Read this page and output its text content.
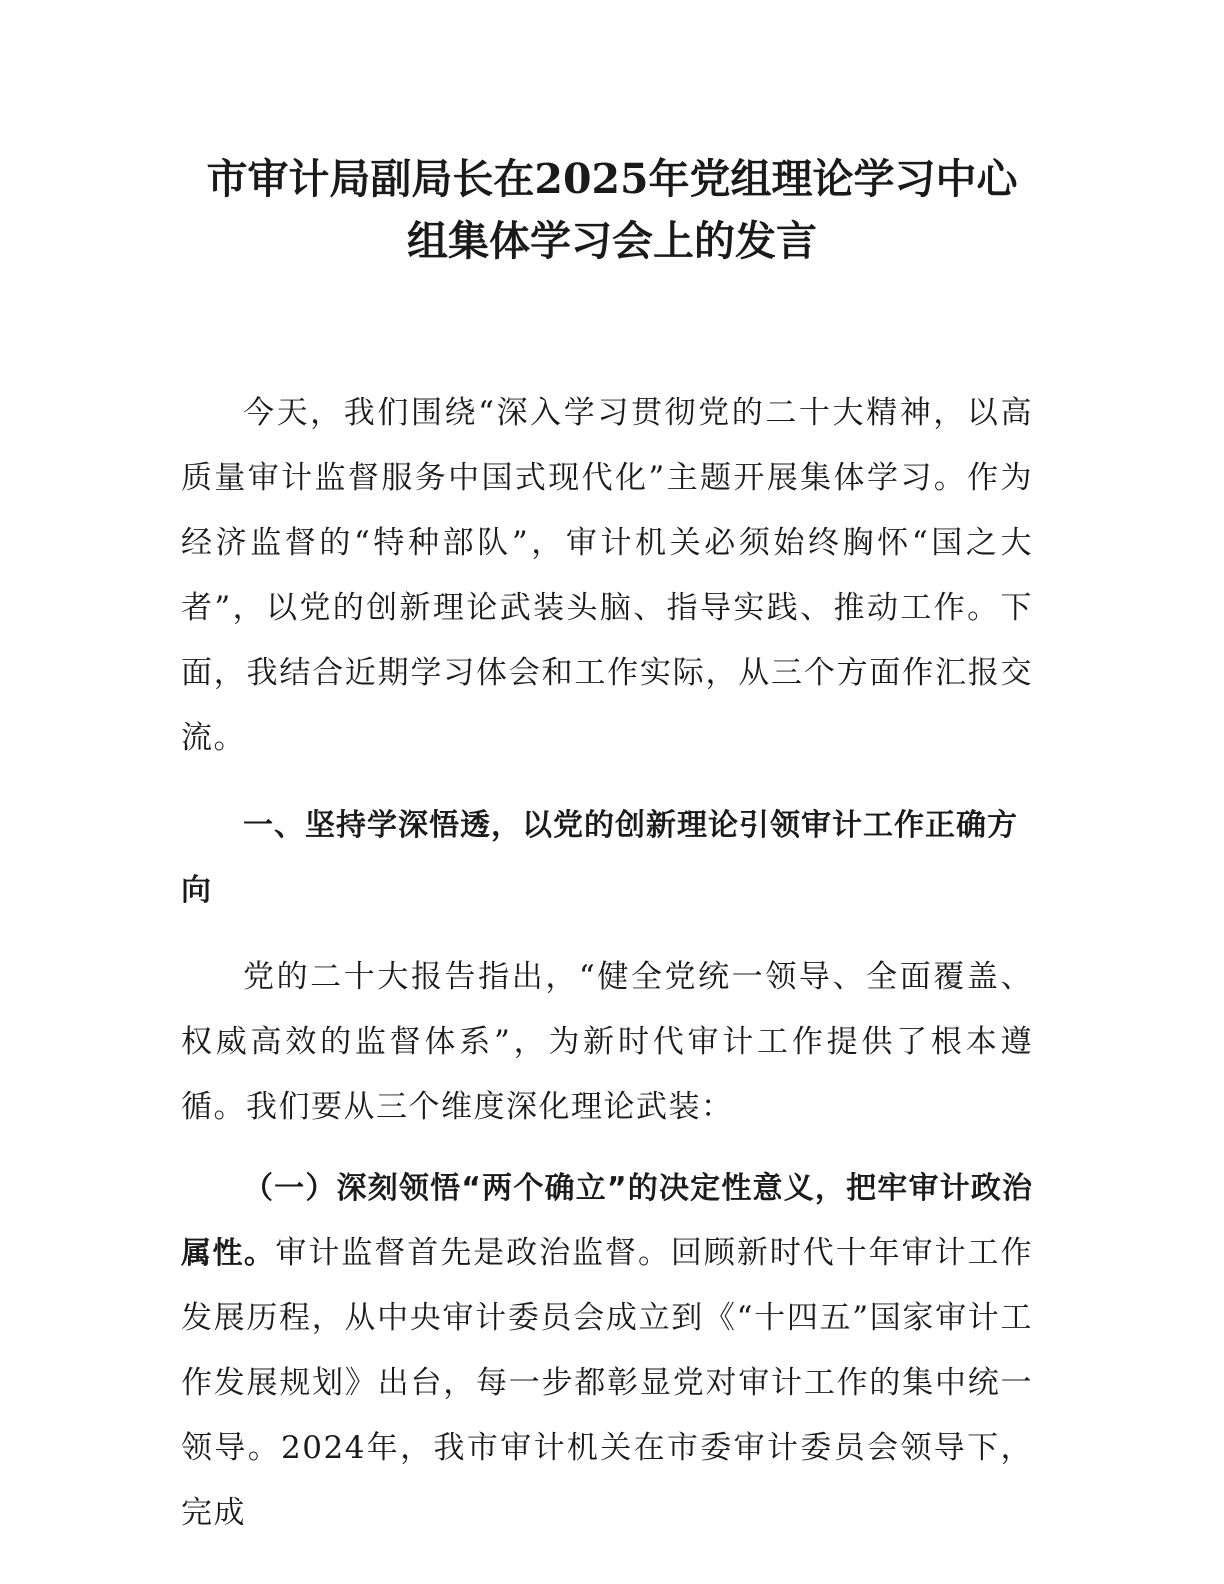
市审计局副局长在2025年党组理论学习中心
组集体学习会上的发言

今天，我们围绕“深入学习贯彻党的二十大精神，以高质量审计监督服务中国式现代化”主题开展集体学习。作为经济监督的“特种部队”，审计机关必须始终胸怀“国之大者”，以党的创新理论武装头脑、指导实践、推动工作。下面，我结合近期学习体会和工作实际，从三个方面作汇报交流。

一、坚持学深悟透，以党的创新理论引领审计工作正确方向

党的二十大报告指出，“健全党统一领导、全面覆盖、权威高效的监督体系”，为新时代审计工作提供了根本遵循。我们要从三个维度深化理论武装：

（一）深刻领悟“两个确立”的决定性意义，把牢审计政治属性。审计监督首先是政治监督。回顾新时代十年审计工作发展历程，从中央审计委员会成立到《“十四五”国家审计工作发展规划》出台，每一步都彰显党对审计工作的集中统一领导。2024年，我市审计机关在市委审计委员会领导下，完成
